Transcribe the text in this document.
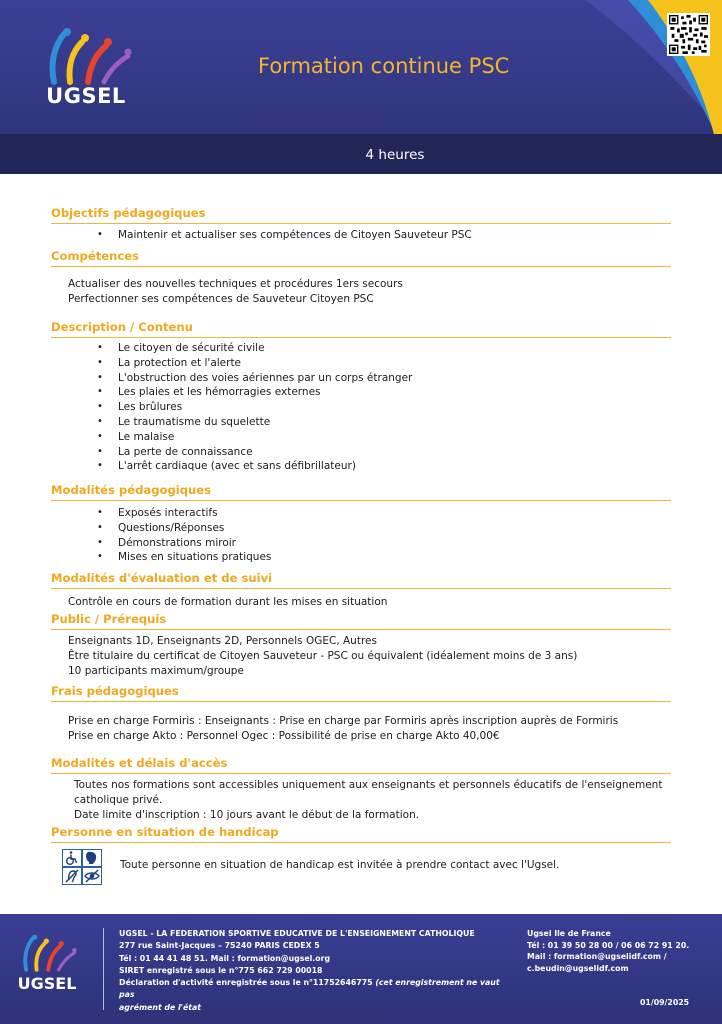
UGSEL
Formation continue PSC
4 heures
Objectifs pédagogiques
• Maintenir et actualiser ses compétences de Citoyen Sauveteur PSC
Compétences
Actualiser des nouvelles techniques et procédures 1ers secours
Perfectionner ses compétences de Sauveteur Citoyen PSC
Description / Contenu
• Le citoyen de sécurité civile
• La protection et l'alerte
• L'obstruction des voies aériennes par un corps étranger
• Les plaies et les hémorragies externes
• Les brûlures
• Le traumatisme du squelette
• Le malaise
• La perte de connaissance
• L'arrêt cardiaque (avec et sans défibrillateur)
Modalités pédagogiques
• Exposés interactifs
• Questions/Réponses
• Démonstrations miroir
• Mises en situations pratiques
Modalités d'évaluation et de suivi
Contrôle en cours de formation durant les mises en situation
Public / Prérequis
Enseignants 1D, Enseignants 2D, Personnels OGEC, Autres
Être titulaire du certificat de Citoyen Sauveteur - PSC ou équivalent (idéalement moins de 3 ans)
10 participants maximum/groupe
Frais pédagogiques
Prise en charge Formiris : Enseignants : Prise en charge par Formiris après inscription auprès de Formiris
Prise en charge Akto : Personnel Ogec : Possibilité de prise en charge Akto 40,00€
Modalités et délais d'accès
Toutes nos formations sont accessibles uniquement aux enseignants et personnels éducatifs de l'enseignement
catholique privé.
Date limite d'inscription : 10 jours avant le début de la formation.
Personne en situation de handicap
Toute personne en situation de handicap est invitée à prendre contact avec l'Ugsel.
UGSEL
UGSEL - LA FEDERATION SPORTIVE EDUCATIVE DE L'ENSEIGNEMENT CATHOLIQUE
277 rue Saint-Jacques – 75240 PARIS CEDEX 5
Tél : 01 44 41 48 51. Mail : formation@ugsel.org
SIRET enregistré sous le n°775 662 729 00018
Déclaration d'activité enregistrée sous le n°11752646775 (cet enregistrement ne vaut pas
agrément de l'état
Ugsel Ile de France
Tél : 01 39 50 28 00 / 06 06 72 91 20.
Mail : formation@ugselidf.com /
c.beudin@ugselidf.com
01/09/2025
